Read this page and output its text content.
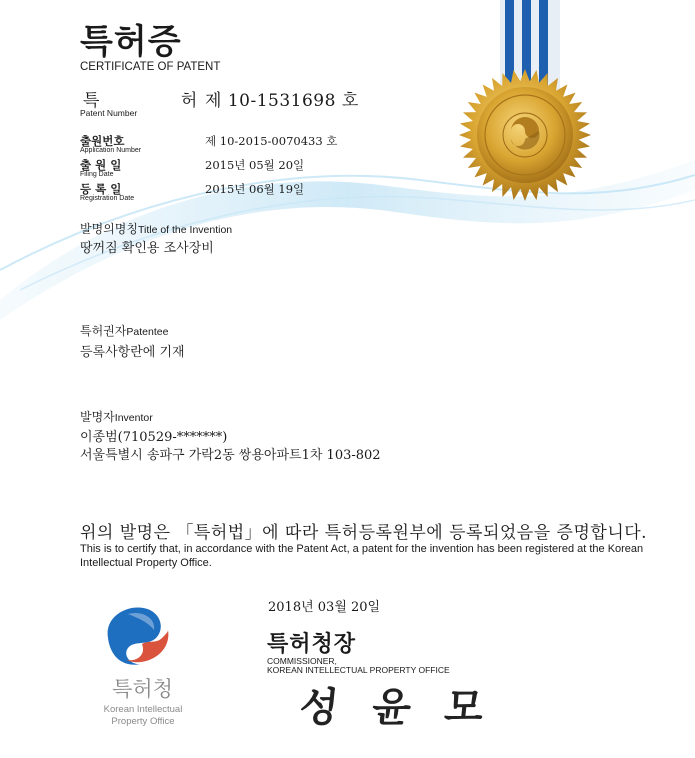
특허증
CERTIFICATE OF PATENT
특 허
제 10-1531698 호
Patent Number
출원번호
Application Number
제 10-2015-0070433 호
출 원 일
Filing Date
2015년 05월 20일
등 록 일
Registration Date
2015년 06월 19일
발명의명칭Title of the Invention
땅꺼짐 확인용 조사장비
특허권자Patentee
등록사항란에 기재
발명자Inventor
이종범(710529-*******)
서울특별시 송파구 가락2동 쌍용아파트1차 103-802
위의 발명은 「특허법」에 따라 특허등록원부에 등록되었음을 증명합니다.
This is to certify that, in accordance with the Patent Act, a patent for the invention has been registered at the Korean Intellectual Property Office.
2018년 03월 20일
특허청장
COMMISSIONER,
KOREAN INTELLECTUAL PROPERTY OFFICE
성 윤 모
특허청
Korean Intellectual
Property Office
